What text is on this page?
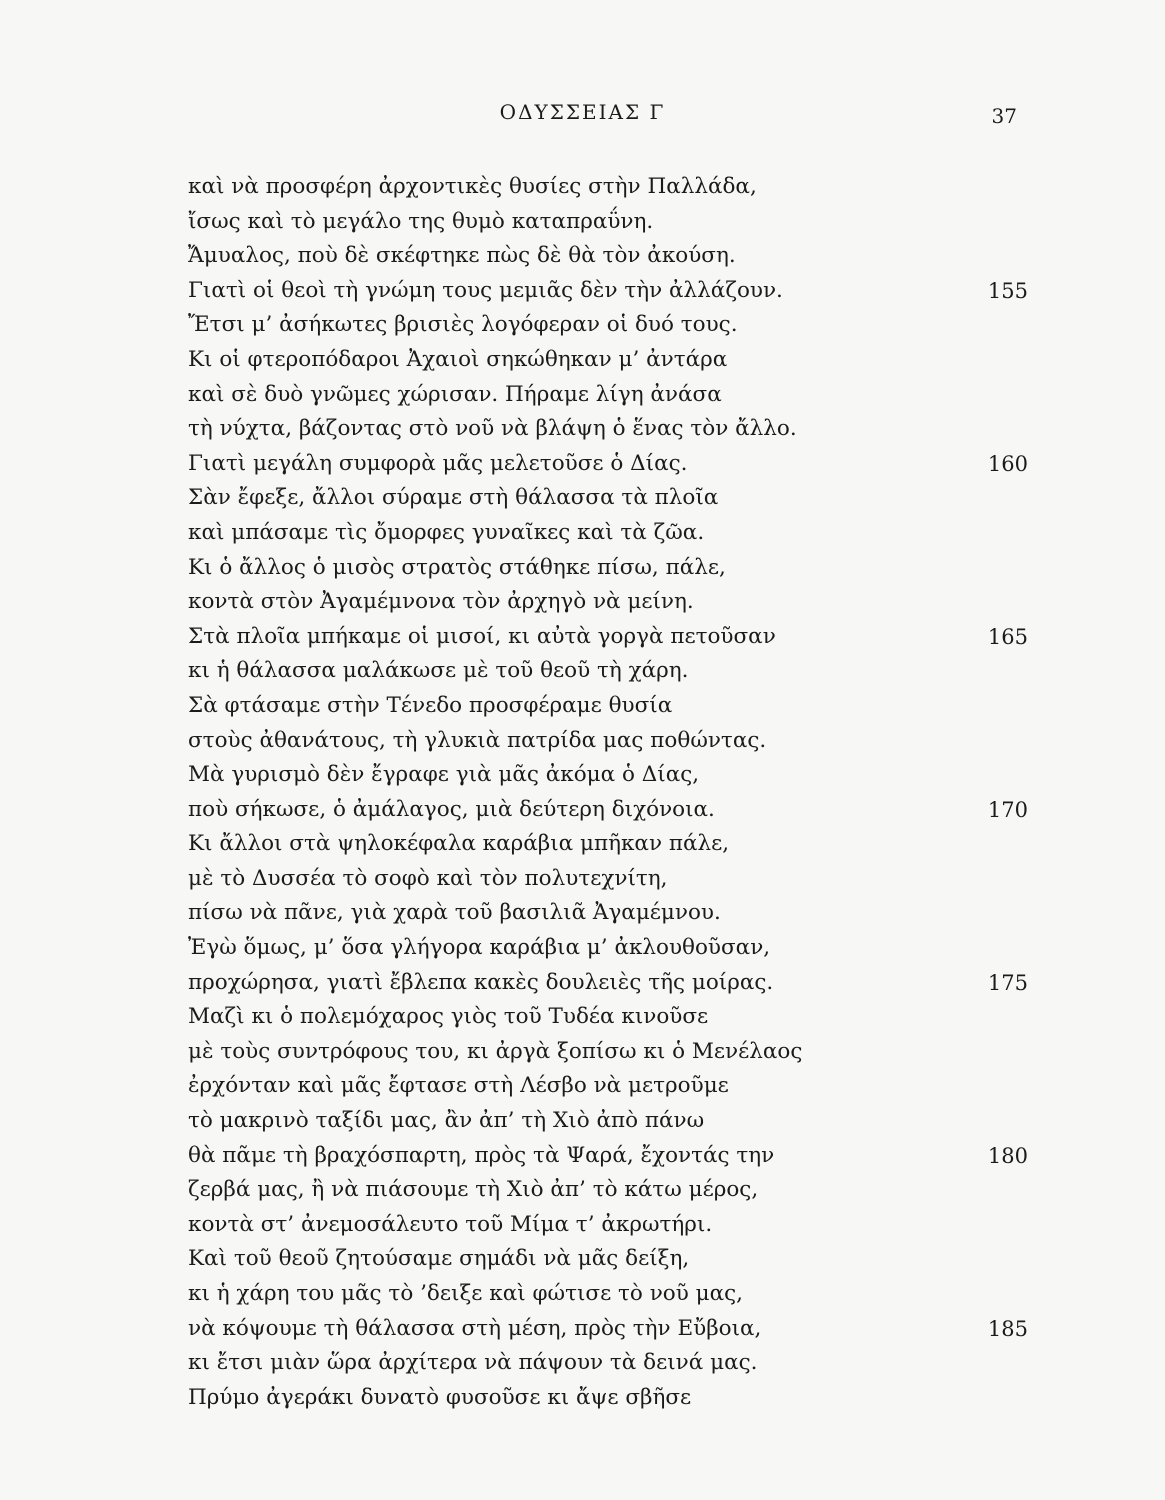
ΟΔΥΣΣΕΙΑΣ Γ	37
καὶ νὰ προσφέρη ἀρχοντικὲς θυσίες στὴν Παλλάδα,
ἴσως καὶ τὸ μεγάλο της θυμὸ καταπραΰνη.
Ἄμυαλος, ποὺ δὲ σκέφτηκε πὼς δὲ θὰ τὸν ἀκούση.
Γιατὶ οἱ θεοὶ τὴ γνώμη τους μεμιᾶς δὲν τὴν ἀλλάζουν.	155
Ἔτσι μ’ ἀσήκωτες βρισιὲς λογόφεραν οἱ δυό τους.
Κι οἱ φτεροπόδαροι Ἀχαιοὶ σηκώθηκαν μ’ ἀντάρα
καὶ σὲ δυὸ γνῶμες χώρισαν. Πήραμε λίγη ἀνάσα
τὴ νύχτα, βάζοντας στὸ νοῦ νὰ βλάψη ὁ ἕνας τὸν ἄλλο.
Γιατὶ μεγάλη συμφορὰ μᾶς μελετοῦσε ὁ Δίας.	160
Σὰν ἔφεξε, ἄλλοι σύραμε στὴ θάλασσα τὰ πλοῖα
καὶ μπάσαμε τὶς ὄμορφες γυναῖκες καὶ τὰ ζῶα.
Κι ὁ ἄλλος ὁ μισὸς στρατὸς στάθηκε πίσω, πάλε,
κοντὰ στὸν Ἀγαμέμνονα τὸν ἀρχηγὸ νὰ μείνη.
Στὰ πλοῖα μπήκαμε οἱ μισοί, κι αὐτὰ γοργὰ πετοῦσαν	165
κι ἡ θάλασσα μαλάκωσε μὲ τοῦ θεοῦ τὴ χάρη.
Σὰ φτάσαμε στὴν Τένεδο προσφέραμε θυσία
στοὺς ἀθανάτους, τὴ γλυκιὰ πατρίδα μας ποθώντας.
Μὰ γυρισμὸ δὲν ἔγραφε γιὰ μᾶς ἀκόμα ὁ Δίας,
ποὺ σήκωσε, ὁ ἀμάλαγος, μιὰ δεύτερη διχόνοια.	170
Κι ἄλλοι στὰ ψηλοκέφαλα καράβια μπῆκαν πάλε,
μὲ τὸ Δυσσέα τὸ σοφὸ καὶ τὸν πολυτεχνίτη,
πίσω νὰ πᾶνε, γιὰ χαρὰ τοῦ βασιλιᾶ Ἀγαμέμνου.
Ἐγὼ ὅμως, μ’ ὅσα γλήγορα καράβια μ’ ἀκλουθοῦσαν,
προχώρησα, γιατὶ ἔβλεπα κακὲς δουλειὲς τῆς μοίρας.	175
Μαζὶ κι ὁ πολεμόχαρος γιὸς τοῦ Τυδέα κινοῦσε
μὲ τοὺς συντρόφους του, κι ἀργὰ ξοπίσω κι ὁ Μενέλαος
ἐρχόνταν καὶ μᾶς ἔφτασε στὴ Λέσβο νὰ μετροῦμε
τὸ μακρινὸ ταξίδι μας, ἂν ἀπ’ τὴ Χιὸ ἀπὸ πάνω
θὰ πᾶμε τὴ βραχόσπαρτη, πρὸς τὰ Ψαρά, ἔχοντάς την	180
ζερβά μας, ἢ νὰ πιάσουμε τὴ Χιὸ ἀπ’ τὸ κάτω μέρος,
κοντὰ στ’ ἀνεμοσάλευτο τοῦ Μίμα τ’ ἀκρωτήρι.
Καὶ τοῦ θεοῦ ζητούσαμε σημάδι νὰ μᾶς δείξη,
κι ἡ χάρη του μᾶς τὸ ’δειξε καὶ φώτισε τὸ νοῦ μας,
νὰ κόψουμε τὴ θάλασσα στὴ μέση, πρὸς τὴν Εὔβοια,	185
κι ἔτσι μιὰν ὥρα ἀρχίτερα νὰ πάψουν τὰ δεινά μας.
Πρύμο ἀγεράκι δυνατὸ φυσοῦσε κι ἄψε σβῆσε
